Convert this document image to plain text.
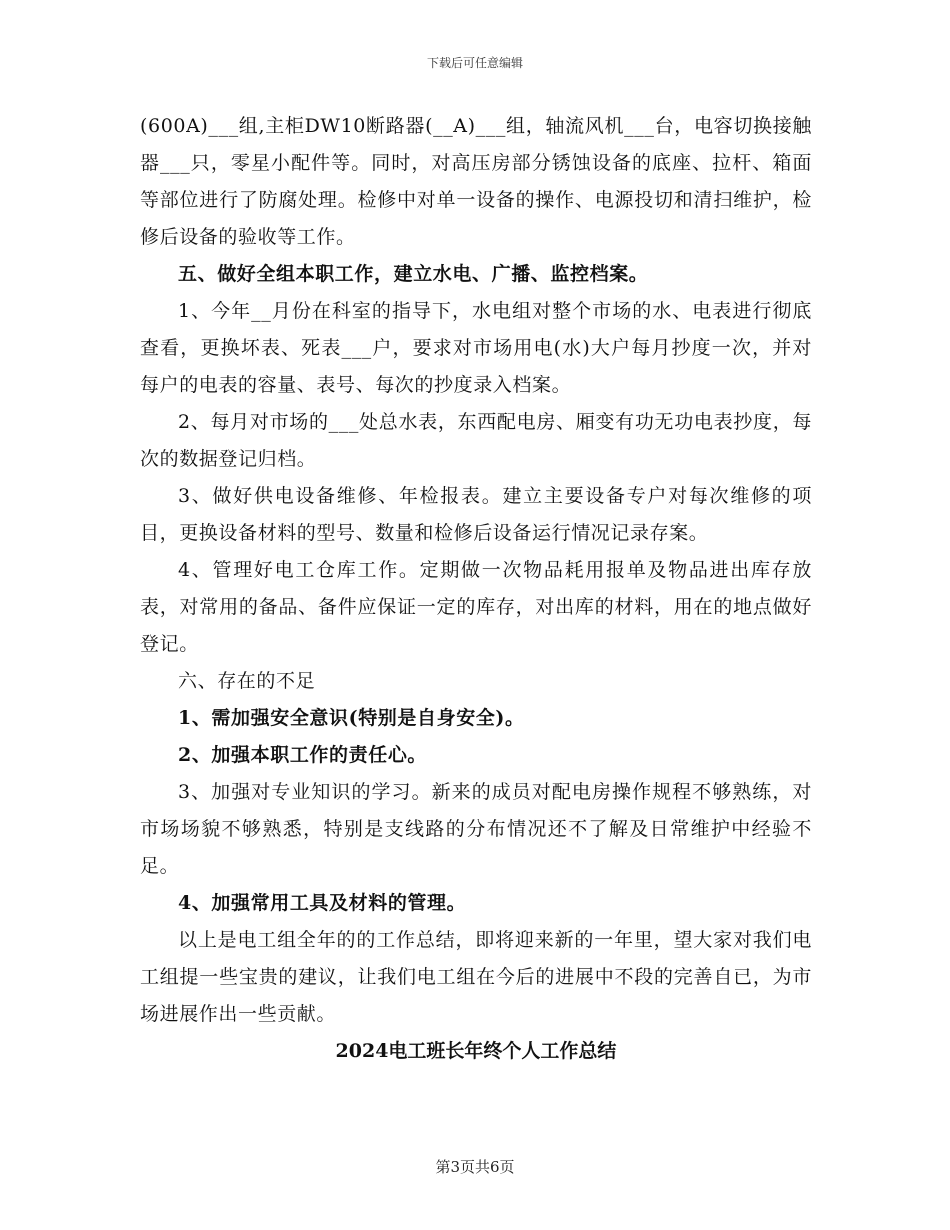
下载后可任意编辑

(600A)___组,主柜DW10断路器(__A)___组，轴流风机___台，电容切换接触器___只，零星小配件等。同时，对高压房部分锈蚀设备的底座、拉杆、箱面等部位进行了防腐处理。检修中对单一设备的操作、电源投切和清扫维护，检修后设备的验收等工作。

五、做好全组本职工作，建立水电、广播、监控档案。

1、今年__月份在科室的指导下，水电组对整个市场的水、电表进行彻底查看，更换坏表、死表___户，要求对市场用电(水)大户每月抄度一次，并对每户的电表的容量、表号、每次的抄度录入档案。

2、每月对市场的___处总水表，东西配电房、厢变有功无功电表抄度，每次的数据登记归档。

3、做好供电设备维修、年检报表。建立主要设备专户对每次维修的项目，更换设备材料的型号、数量和检修后设备运行情况记录存案。

4、管理好电工仓库工作。定期做一次物品耗用报单及物品进出库存放表，对常用的备品、备件应保证一定的库存，对出库的材料，用在的地点做好登记。

六、存在的不足

1、需加强安全意识(特别是自身安全)。

2、加强本职工作的责任心。

3、加强对专业知识的学习。新来的成员对配电房操作规程不够熟练，对市场场貌不够熟悉，特别是支线路的分布情况还不了解及日常维护中经验不足。

4、加强常用工具及材料的管理。

以上是电工组全年的的工作总结，即将迎来新的一年里，望大家对我们电工组提一些宝贵的建议，让我们电工组在今后的进展中不段的完善自已，为市场进展作出一些贡献。

2024电工班长年终个人工作总结

第3页共6页
